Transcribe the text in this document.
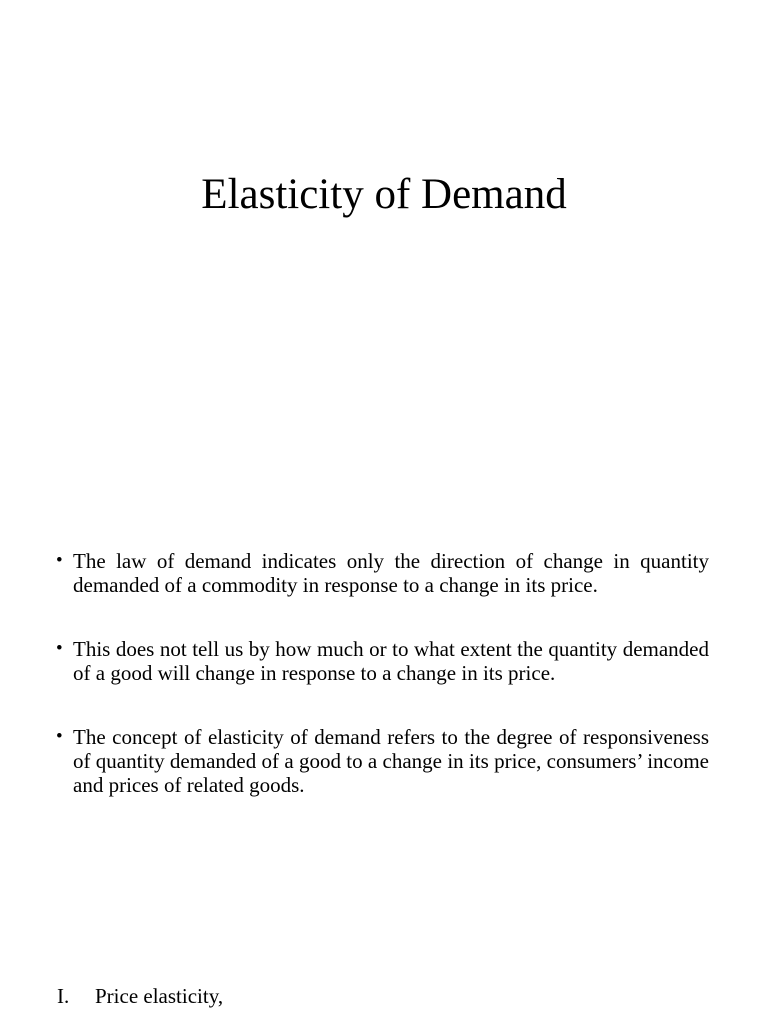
Elasticity of Demand
• The law of demand indicates only the direction of change in quantity demanded of a commodity in response to a change in its price.
• This does not tell us by how much or to what extent the quantity demanded of a good will change in response to a change in its price.
• The concept of elasticity of demand refers to the degree of responsiveness of quantity demanded of a good to a change in its price, consumers’ income and prices of related goods.
I. Price elasticity,
